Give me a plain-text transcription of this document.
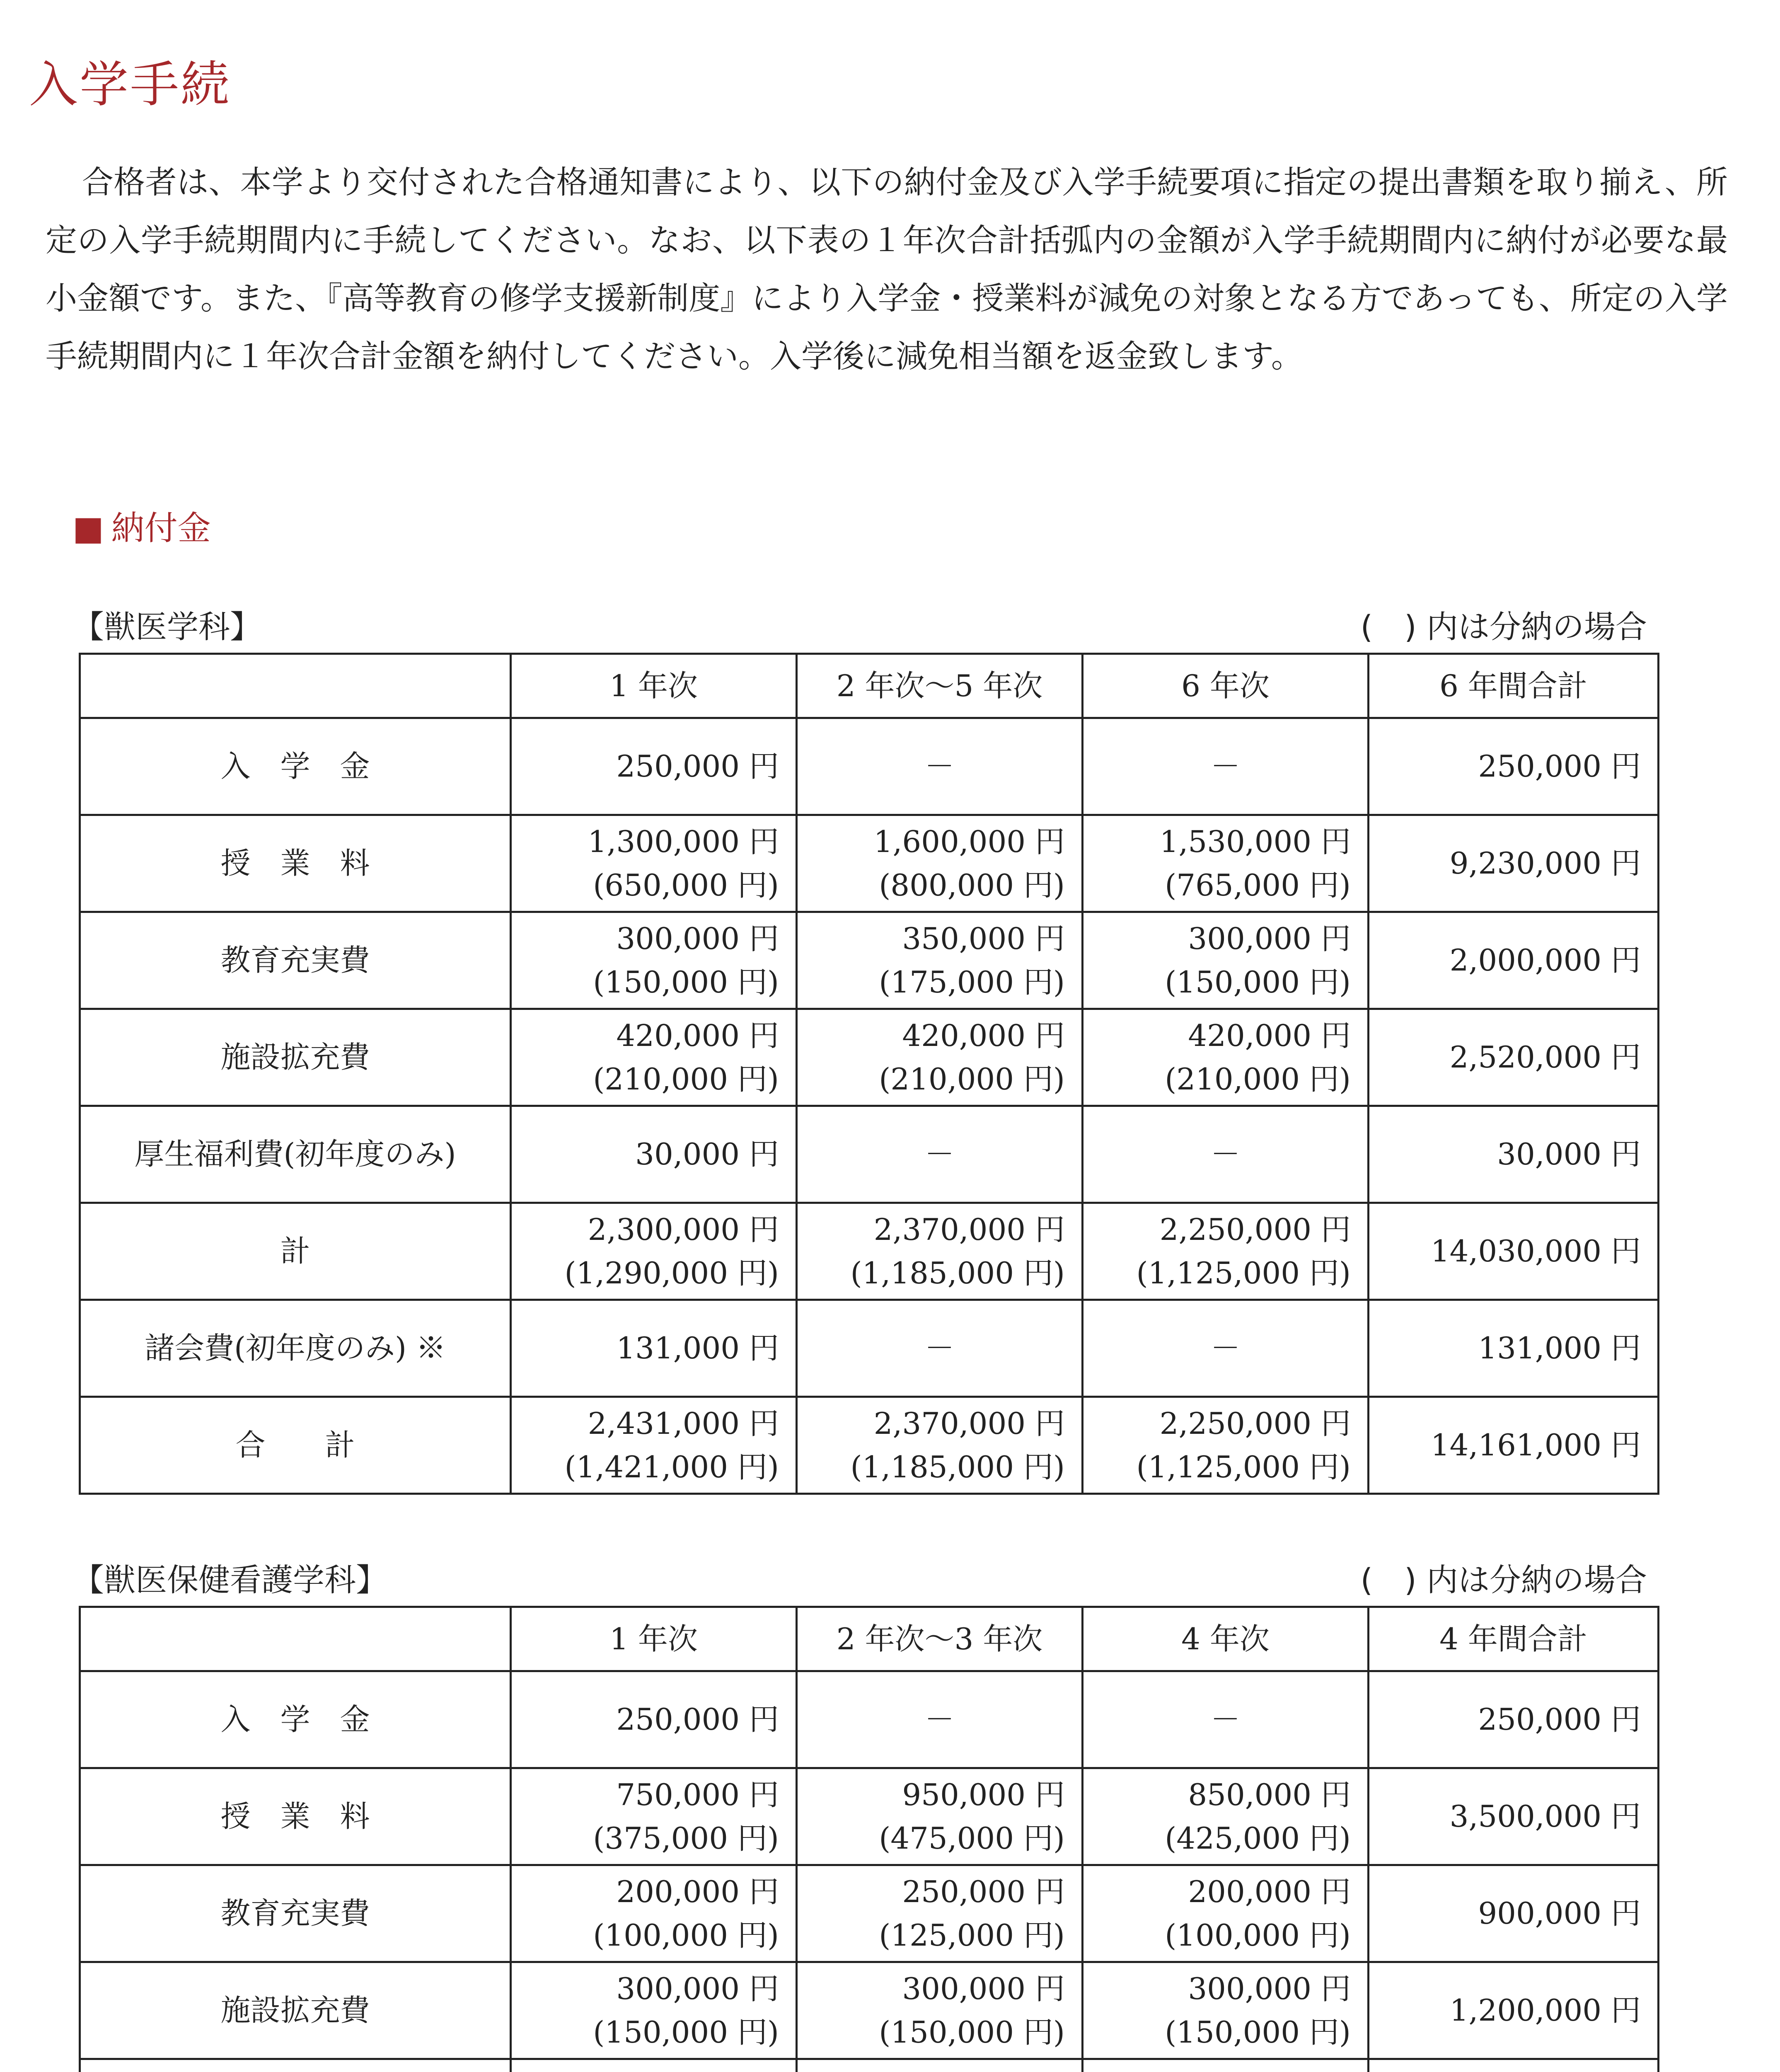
入学手続

合格者は、本学より交付された合格通知書により、以下の納付金及び入学手続要項に指定の提出書類を取り揃え、所定の入学手続期間内に手続してください。なお、以下表の１年次合計括弧内の金額が入学手続期間内に納付が必要な最小金額です。また、『高等教育の修学支援新制度』により入学金・授業料が減免の対象となる方であっても、所定の入学手続期間内に１年次合計金額を納付してください。入学後に減免相当額を返金致します。

■ 納付金
【獣医学科】	(　) 内は分納の場合
	1 年次	2 年次～5 年次	6 年次	6 年間合計
入　学　金	250,000 円	－	－	250,000 円

授　業　料	1,300,000 円
(650,000 円)	1,600,000 円
(800,000 円)	1,530,000 円
(765,000 円)	9,230,000 円

教育充実費	300,000 円
(150,000 円)	350,000 円
(175,000 円)	300,000 円
(150,000 円)	2,000,000 円

施設拡充費	420,000 円
(210,000 円)	420,000 円
(210,000 円)	420,000 円
(210,000 円)	2,520,000 円

厚生福利費(初年度のみ)	30,000 円	－	－	30,000 円

計	2,300,000 円
(1,290,000 円)	2,370,000 円
(1,185,000 円)	2,250,000 円
(1,125,000 円)	14,030,000 円

諸会費(初年度のみ) ※	131,000 円	－	－	131,000 円

合　　計	2,431,000 円
(1,421,000 円)	2,370,000 円
(1,185,000 円)	2,250,000 円
(1,125,000 円)	14,161,000 円
【獣医保健看護学科】	(　) 内は分納の場合
	1 年次	2 年次～3 年次	4 年次	4 年間合計
入　学　金	250,000 円	－	－	250,000 円

授　業　料	750,000 円
(375,000 円)	950,000 円
(475,000 円)	850,000 円
(425,000 円)	3,500,000 円

教育充実費	200,000 円
(100,000 円)	250,000 円
(125,000 円)	200,000 円
(100,000 円)	900,000 円

施設拡充費	300,000 円
(150,000 円)	300,000 円
(150,000 円)	300,000 円
(150,000 円)	1,200,000 円
